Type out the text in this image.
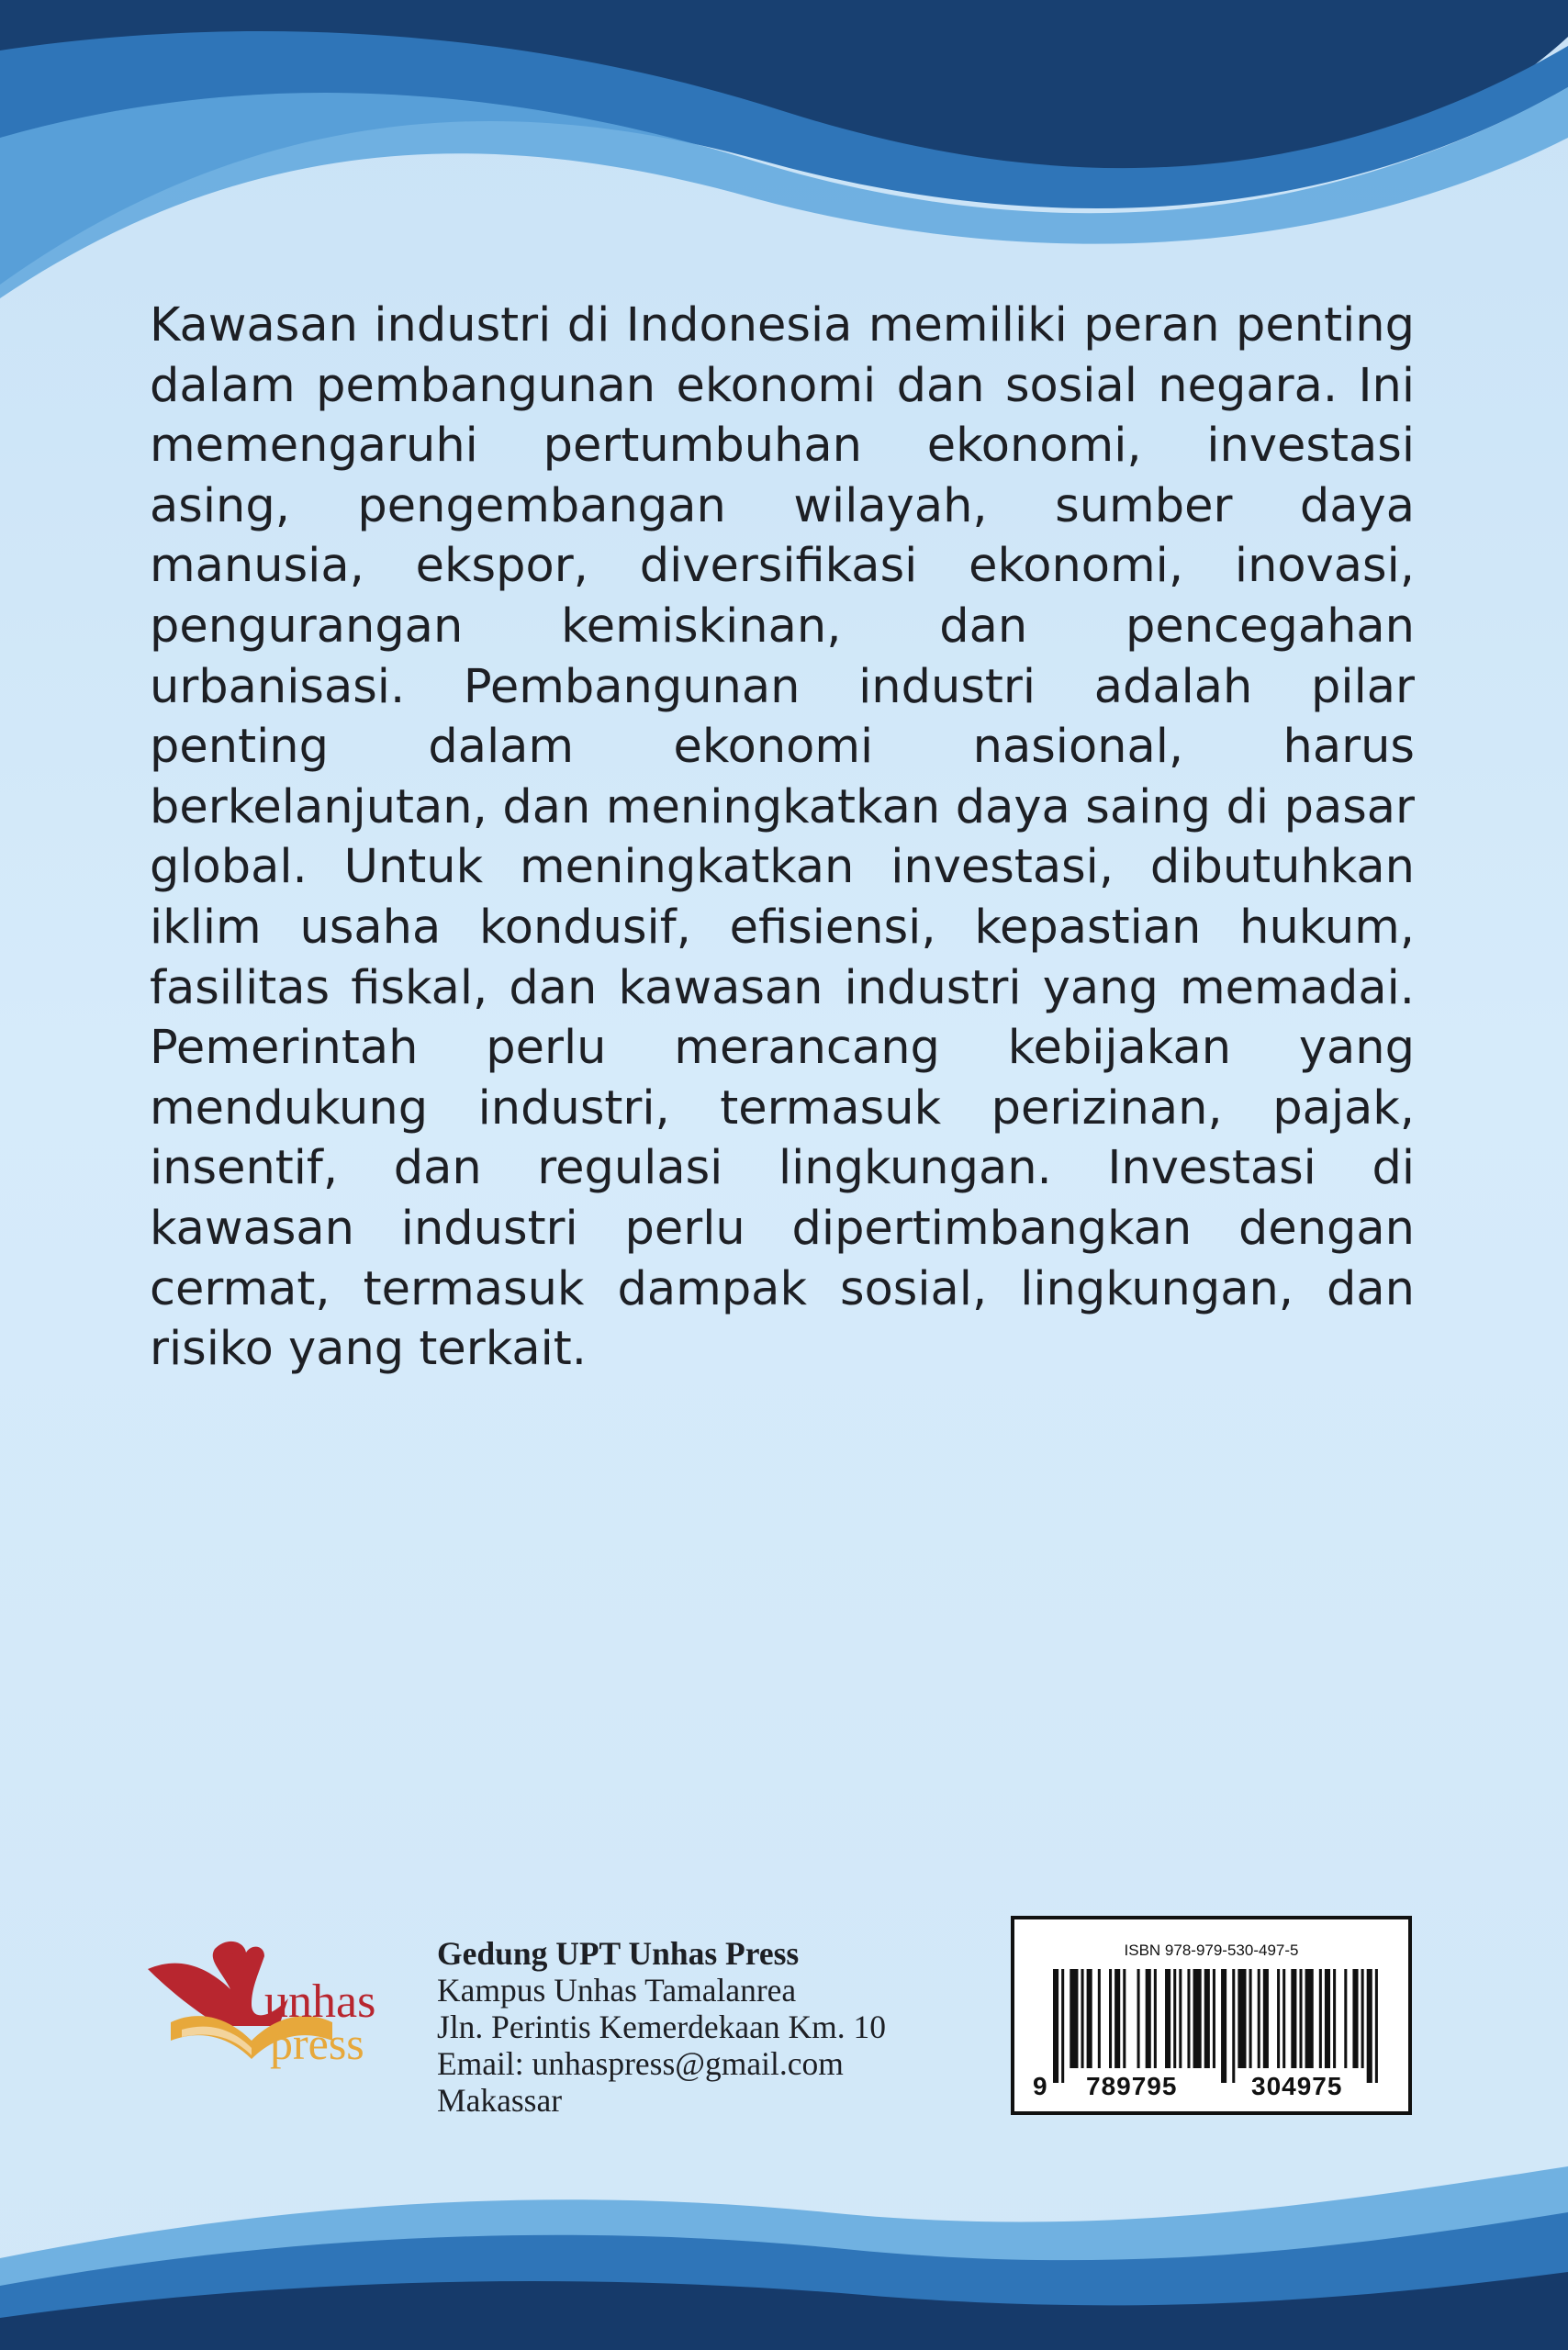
Kawasan industri di Indonesia memiliki peran penting dalam pembangunan ekonomi dan sosial negara. Ini memengaruhi pertumbuhan ekonomi, investasi asing, pengembangan wilayah, sumber daya manusia, ekspor, diversifikasi ekonomi, inovasi, pengurangan kemiskinan, dan pencegahan urbanisasi. Pembangunan industri adalah pilar penting dalam ekonomi nasional, harus berkelanjutan, dan meningkatkan daya saing di pasar global. Untuk meningkatkan investasi, dibutuhkan iklim usaha kondusif, efisiensi, kepastian hukum, fasilitas fiskal, dan kawasan industri yang memadai. Pemerintah perlu merancang kebijakan yang mendukung industri, termasuk perizinan, pajak, insentif, dan regulasi lingkungan. Investasi di kawasan industri perlu dipertimbangkan dengan cermat, termasuk dampak sosial, lingkungan, dan risiko yang terkait.

unhas
press
Gedung UPT Unhas Press
Kampus Unhas Tamalanrea
Jln. Perintis Kemerdekaan Km. 10
Email: unhaspress@gmail.com
Makassar
ISBN 978-979-530-497-5
9 789795	304975
